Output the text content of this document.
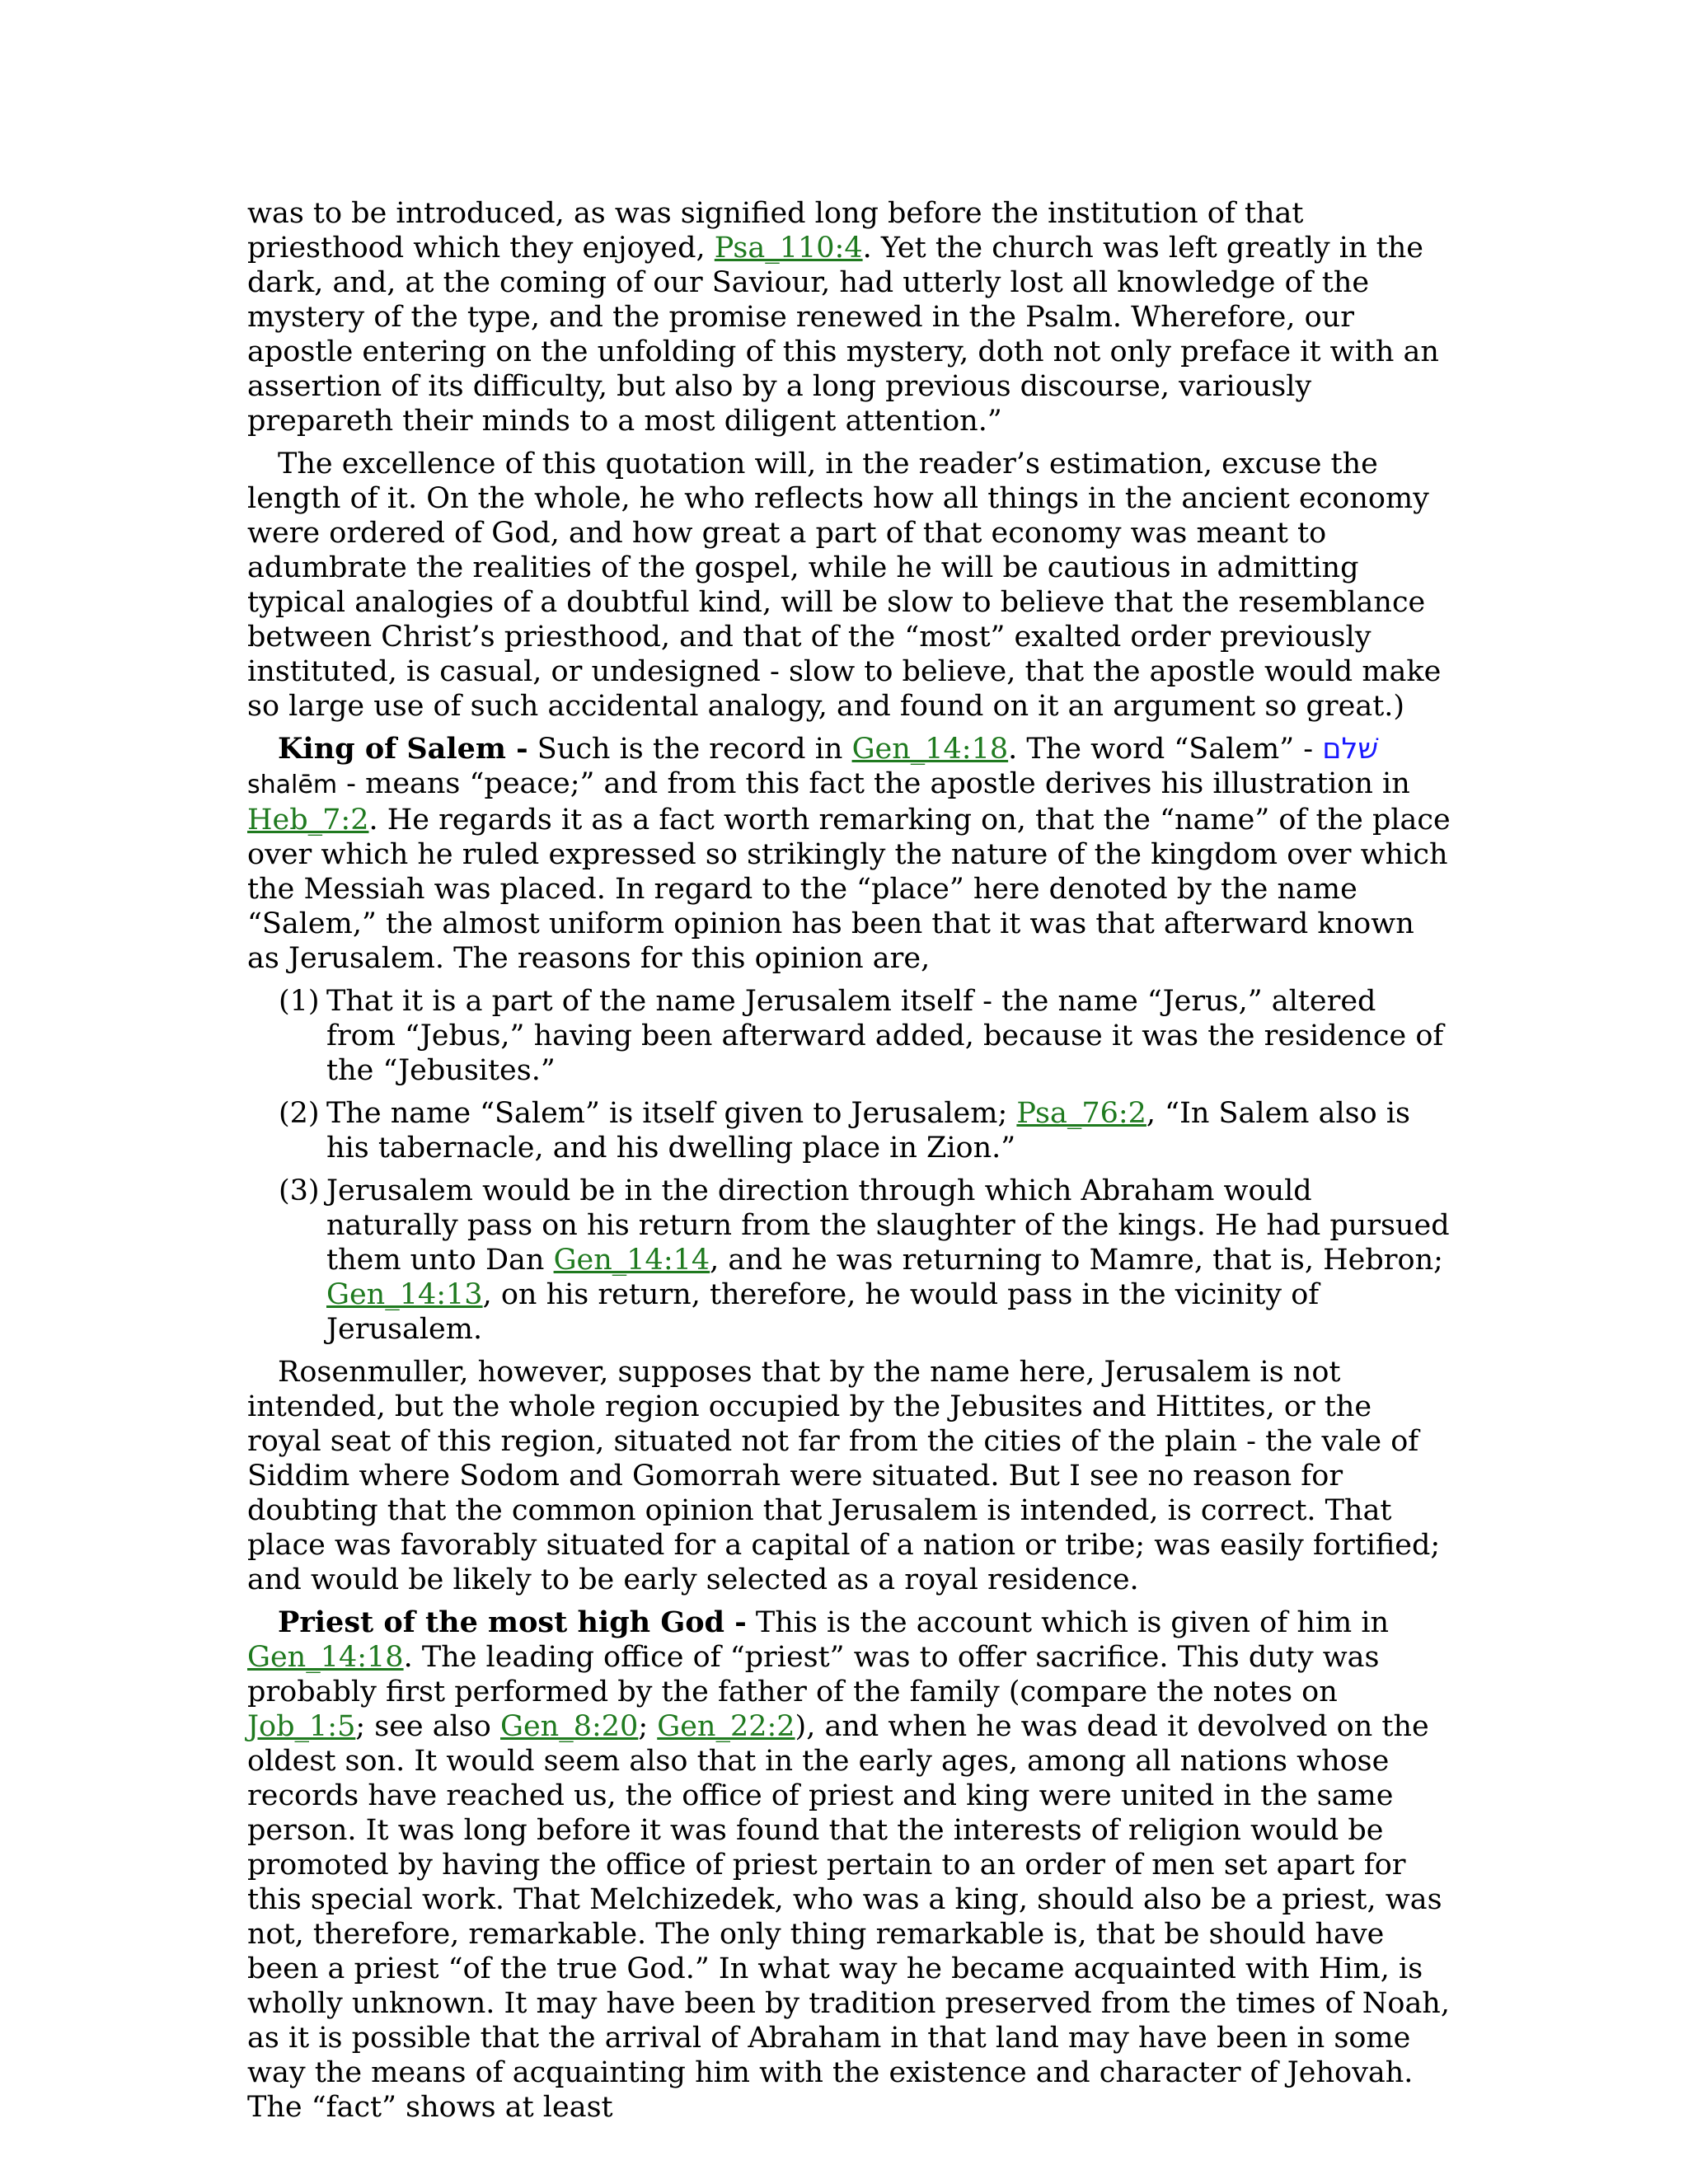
was to be introduced, as was signified long before the institution of that priesthood which they enjoyed, Psa_110:4. Yet the church was left greatly in the dark, and, at the coming of our Saviour, had utterly lost all knowledge of the mystery of the type, and the promise renewed in the Psalm. Wherefore, our apostle entering on the unfolding of this mystery, doth not only preface it with an assertion of its difficulty, but also by a long previous discourse, variously prepareth their minds to a most diligent attention.”

The excellence of this quotation will, in the reader’s estimation, excuse the length of it. On the whole, he who reflects how all things in the ancient economy were ordered of God, and how great a part of that economy was meant to adumbrate the realities of the gospel, while he will be cautious in admitting typical analogies of a doubtful kind, will be slow to believe that the resemblance between Christ’s priesthood, and that of the “most” exalted order previously instituted, is casual, or undesigned - slow to believe, that the apostle would make so large use of such accidental analogy, and found on it an argument so great.)

King of Salem - Such is the record in Gen_14:18. The word “Salem” - שׁלם shalēm - means “peace;” and from this fact the apostle derives his illustration in Heb_7:2. He regards it as a fact worth remarking on, that the “name” of the place over which he ruled expressed so strikingly the nature of the kingdom over which the Messiah was placed. In regard to the “place” here denoted by the name “Salem,” the almost uniform opinion has been that it was that afterward known as Jerusalem. The reasons for this opinion are,

(1) That it is a part of the name Jerusalem itself - the name “Jerus,” altered from “Jebus,” having been afterward added, because it was the residence of the “Jebusites.”
(2) The name “Salem” is itself given to Jerusalem; Psa_76:2, “In Salem also is his tabernacle, and his dwelling place in Zion.”
(3) Jerusalem would be in the direction through which Abraham would naturally pass on his return from the slaughter of the kings. He had pursued them unto Dan Gen_14:14, and he was returning to Mamre, that is, Hebron; Gen_14:13, on his return, therefore, he would pass in the vicinity of Jerusalem.

Rosenmuller, however, supposes that by the name here, Jerusalem is not intended, but the whole region occupied by the Jebusites and Hittites, or the royal seat of this region, situated not far from the cities of the plain - the vale of Siddim where Sodom and Gomorrah were situated. But I see no reason for doubting that the common opinion that Jerusalem is intended, is correct. That place was favorably situated for a capital of a nation or tribe; was easily fortified; and would be likely to be early selected as a royal residence.

Priest of the most high God - This is the account which is given of him in Gen_14:18. The leading office of “priest” was to offer sacrifice. This duty was probably first performed by the father of the family (compare the notes on Job_1:5; see also Gen_8:20; Gen_22:2), and when he was dead it devolved on the oldest son. It would seem also that in the early ages, among all nations whose records have reached us, the office of priest and king were united in the same person. It was long before it was found that the interests of religion would be promoted by having the office of priest pertain to an order of men set apart for this special work. That Melchizedek, who was a king, should also be a priest, was not, therefore, remarkable. The only thing remarkable is, that be should have been a priest “of the true God.” In what way he became acquainted with Him, is wholly unknown. It may have been by tradition preserved from the times of Noah, as it is possible that the arrival of Abraham in that land may have been in some way the means of acquainting him with the existence and character of Jehovah. The “fact” shows at least
